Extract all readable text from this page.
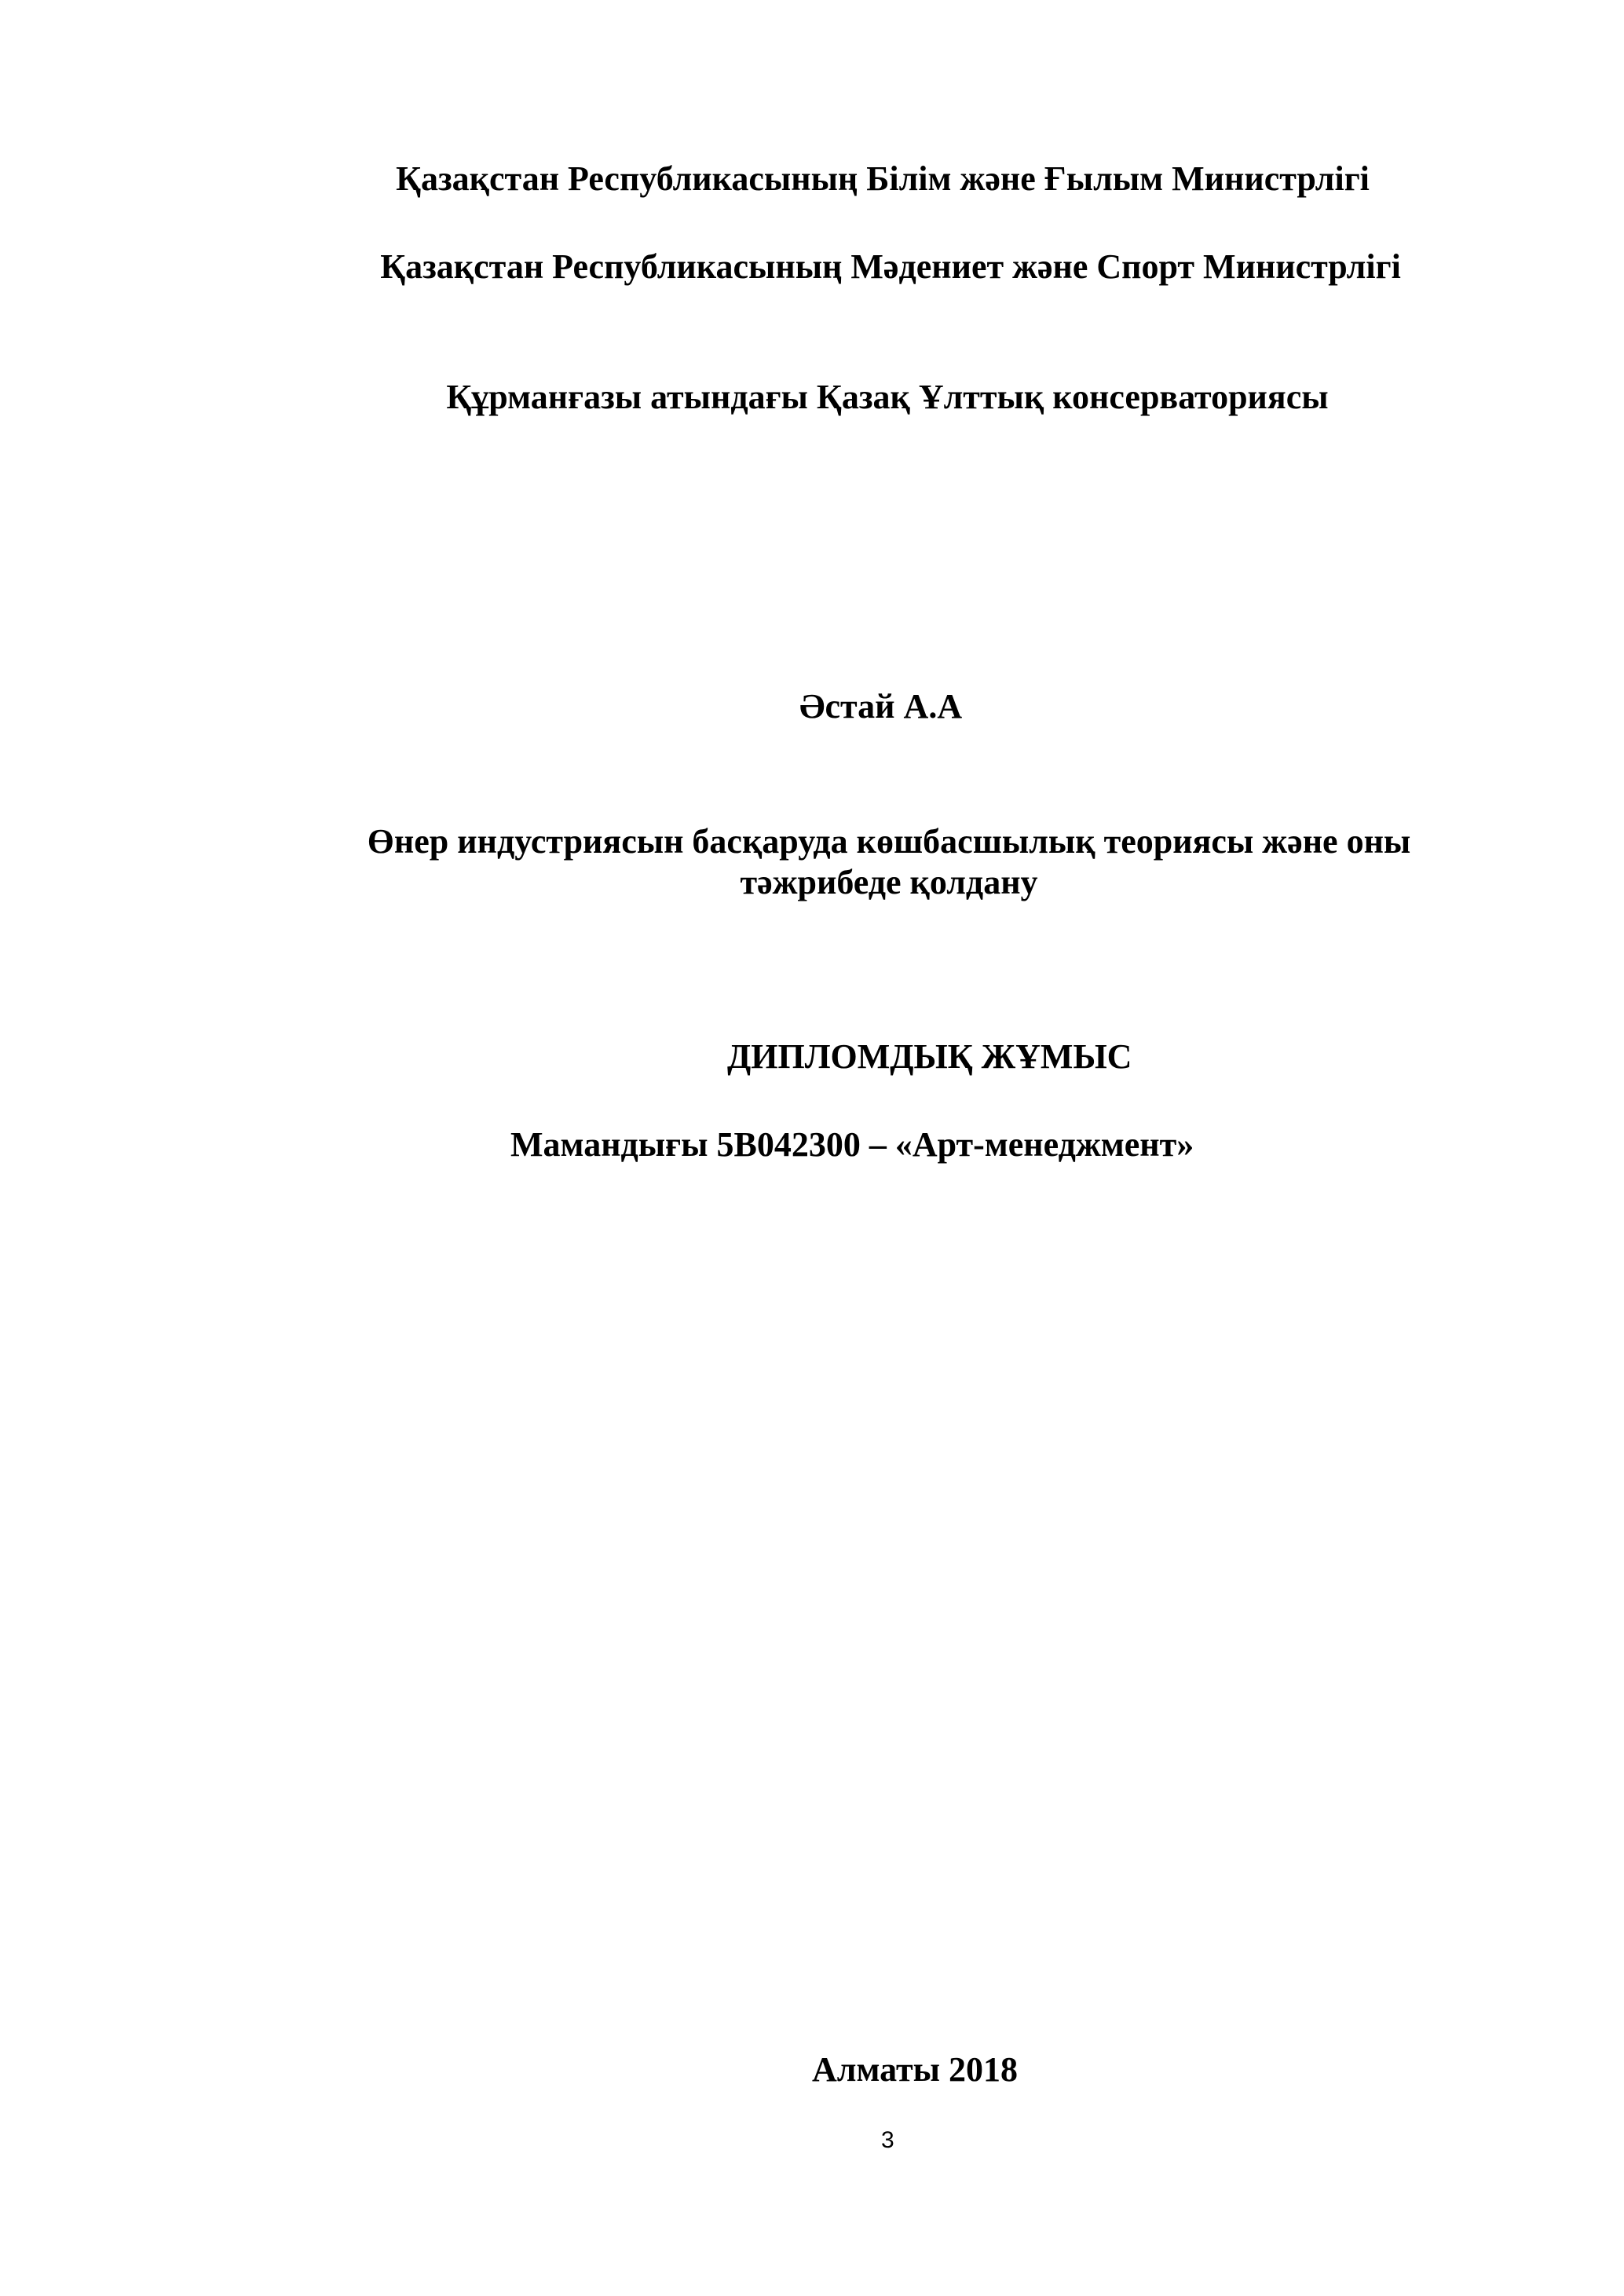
Қазақстан Республикасының Білім және Ғылым Министрлігі
Қазақстан Республикасының Мәдениет және Спорт Министрлігі
Құрманғазы атындағы Қазақ Ұлттық консерваториясы
Әстай А.А
Өнер индустриясын басқаруда көшбасшылық теориясы және оны
тәжрибеде қолдану
ДИПЛОМДЫҚ ЖҰМЫС
Мамандығы 5В042300 – «Арт-менеджмент»
Алматы 2018
3
